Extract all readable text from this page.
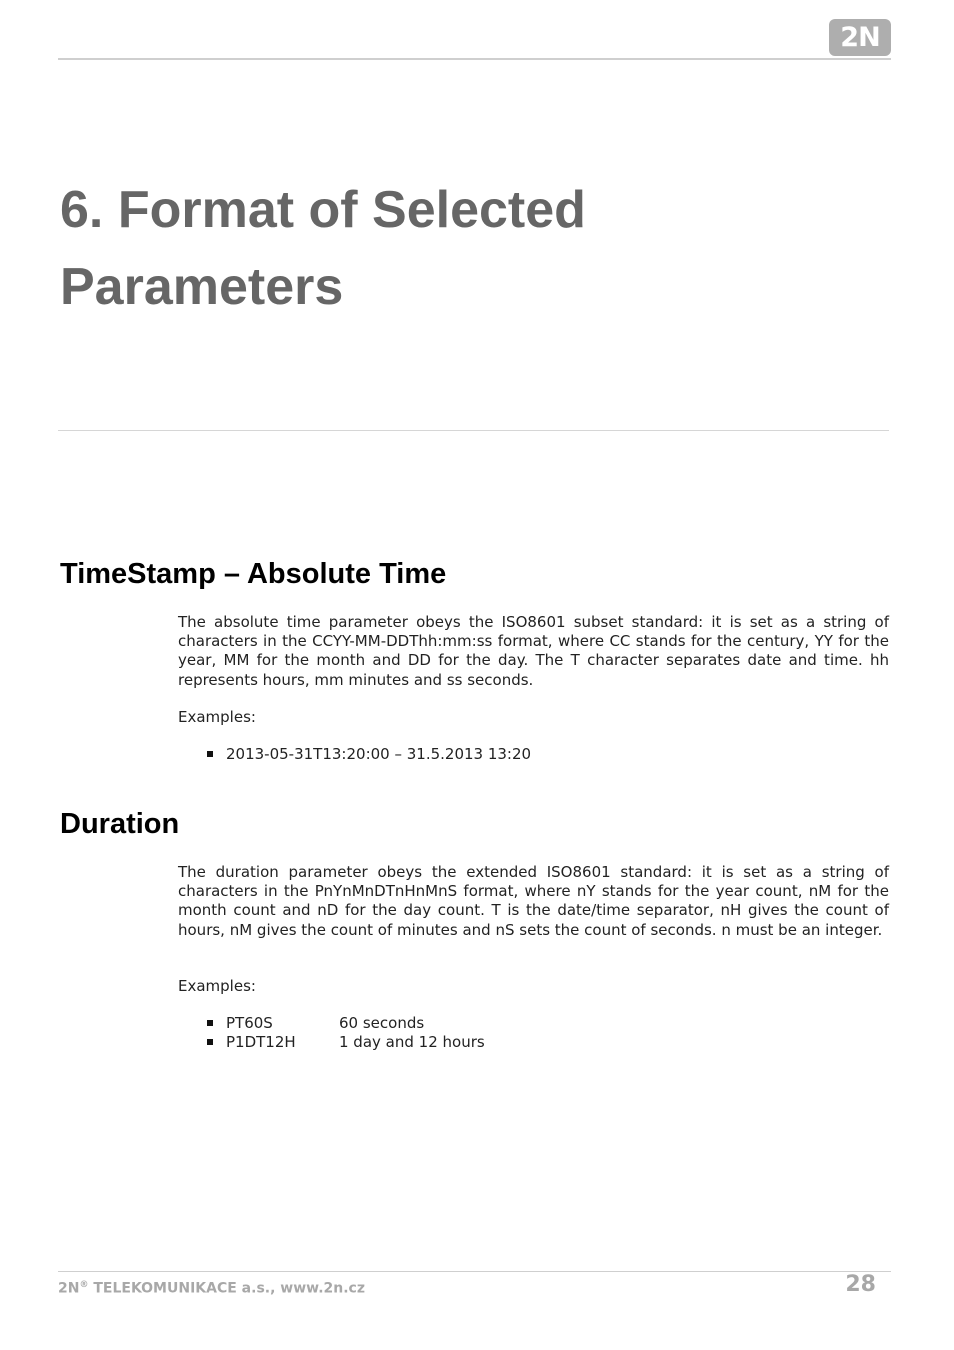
2N
6. Format of Selected Parameters
TimeStamp – Absolute Time

The absolute time parameter obeys the ISO8601 subset standard: it is set as a string of characters in the CCYY-MM-DDThh:mm:ss format, where CC stands for the century, YY for the year, MM for the month and DD for the day. The T character separates date and time. hh represents hours, mm minutes and ss seconds.

Examples:

2013-05-31T13:20:00 – 31.5.2013 13:20
Duration

The duration parameter obeys the extended ISO8601 standard: it is set as a string of characters in the PnYnMnDTnHnMnS format, where nY stands for the year count, nM for the month count and nD for the day count. T is the date/time separator, nH gives the count of hours, nM gives the count of minutes and nS sets the count of seconds. n must be an integer.

Examples:

PT60S	60 seconds
P1DT12H	1 day and 12 hours

2N® TELEKOMUNIKACE a.s., www.2n.cz	28
